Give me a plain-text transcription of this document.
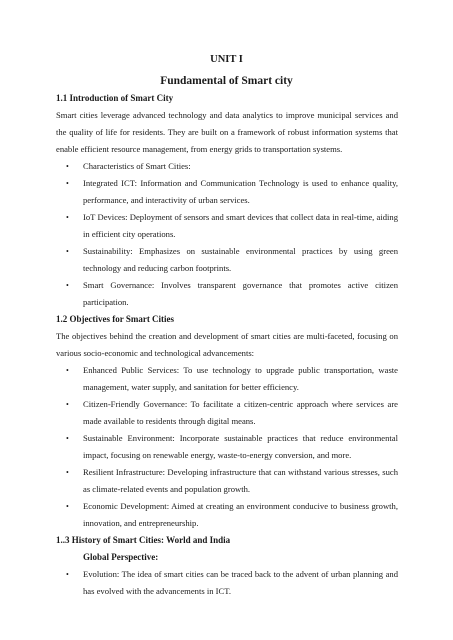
UNIT I
Fundamental of Smart city
1.1 Introduction of Smart City
Smart cities leverage advanced technology and data analytics to improve municipal services and the quality of life for residents. They are built on a framework of robust information systems that enable efficient resource management, from energy grids to transportation systems.
• Characteristics of Smart Cities:
• Integrated ICT: Information and Communication Technology is used to enhance quality, performance, and interactivity of urban services.
• IoT Devices: Deployment of sensors and smart devices that collect data in real-time, aiding in efficient city operations.
• Sustainability: Emphasizes on sustainable environmental practices by using green technology and reducing carbon footprints.
• Smart Governance: Involves transparent governance that promotes active citizen participation.
1.2 Objectives for Smart Cities
The objectives behind the creation and development of smart cities are multi-faceted, focusing on various socio-economic and technological advancements:
• Enhanced Public Services: To use technology to upgrade public transportation, waste management, water supply, and sanitation for better efficiency.
• Citizen-Friendly Governance: To facilitate a citizen-centric approach where services are made available to residents through digital means.
• Sustainable Environment: Incorporate sustainable practices that reduce environmental impact, focusing on renewable energy, waste-to-energy conversion, and more.
• Resilient Infrastructure: Developing infrastructure that can withstand various stresses, such as climate-related events and population growth.
• Economic Development: Aimed at creating an environment conducive to business growth, innovation, and entrepreneurship.
1..3 History of Smart Cities: World and India
Global Perspective:
• Evolution: The idea of smart cities can be traced back to the advent of urban planning and has evolved with the advancements in ICT.
